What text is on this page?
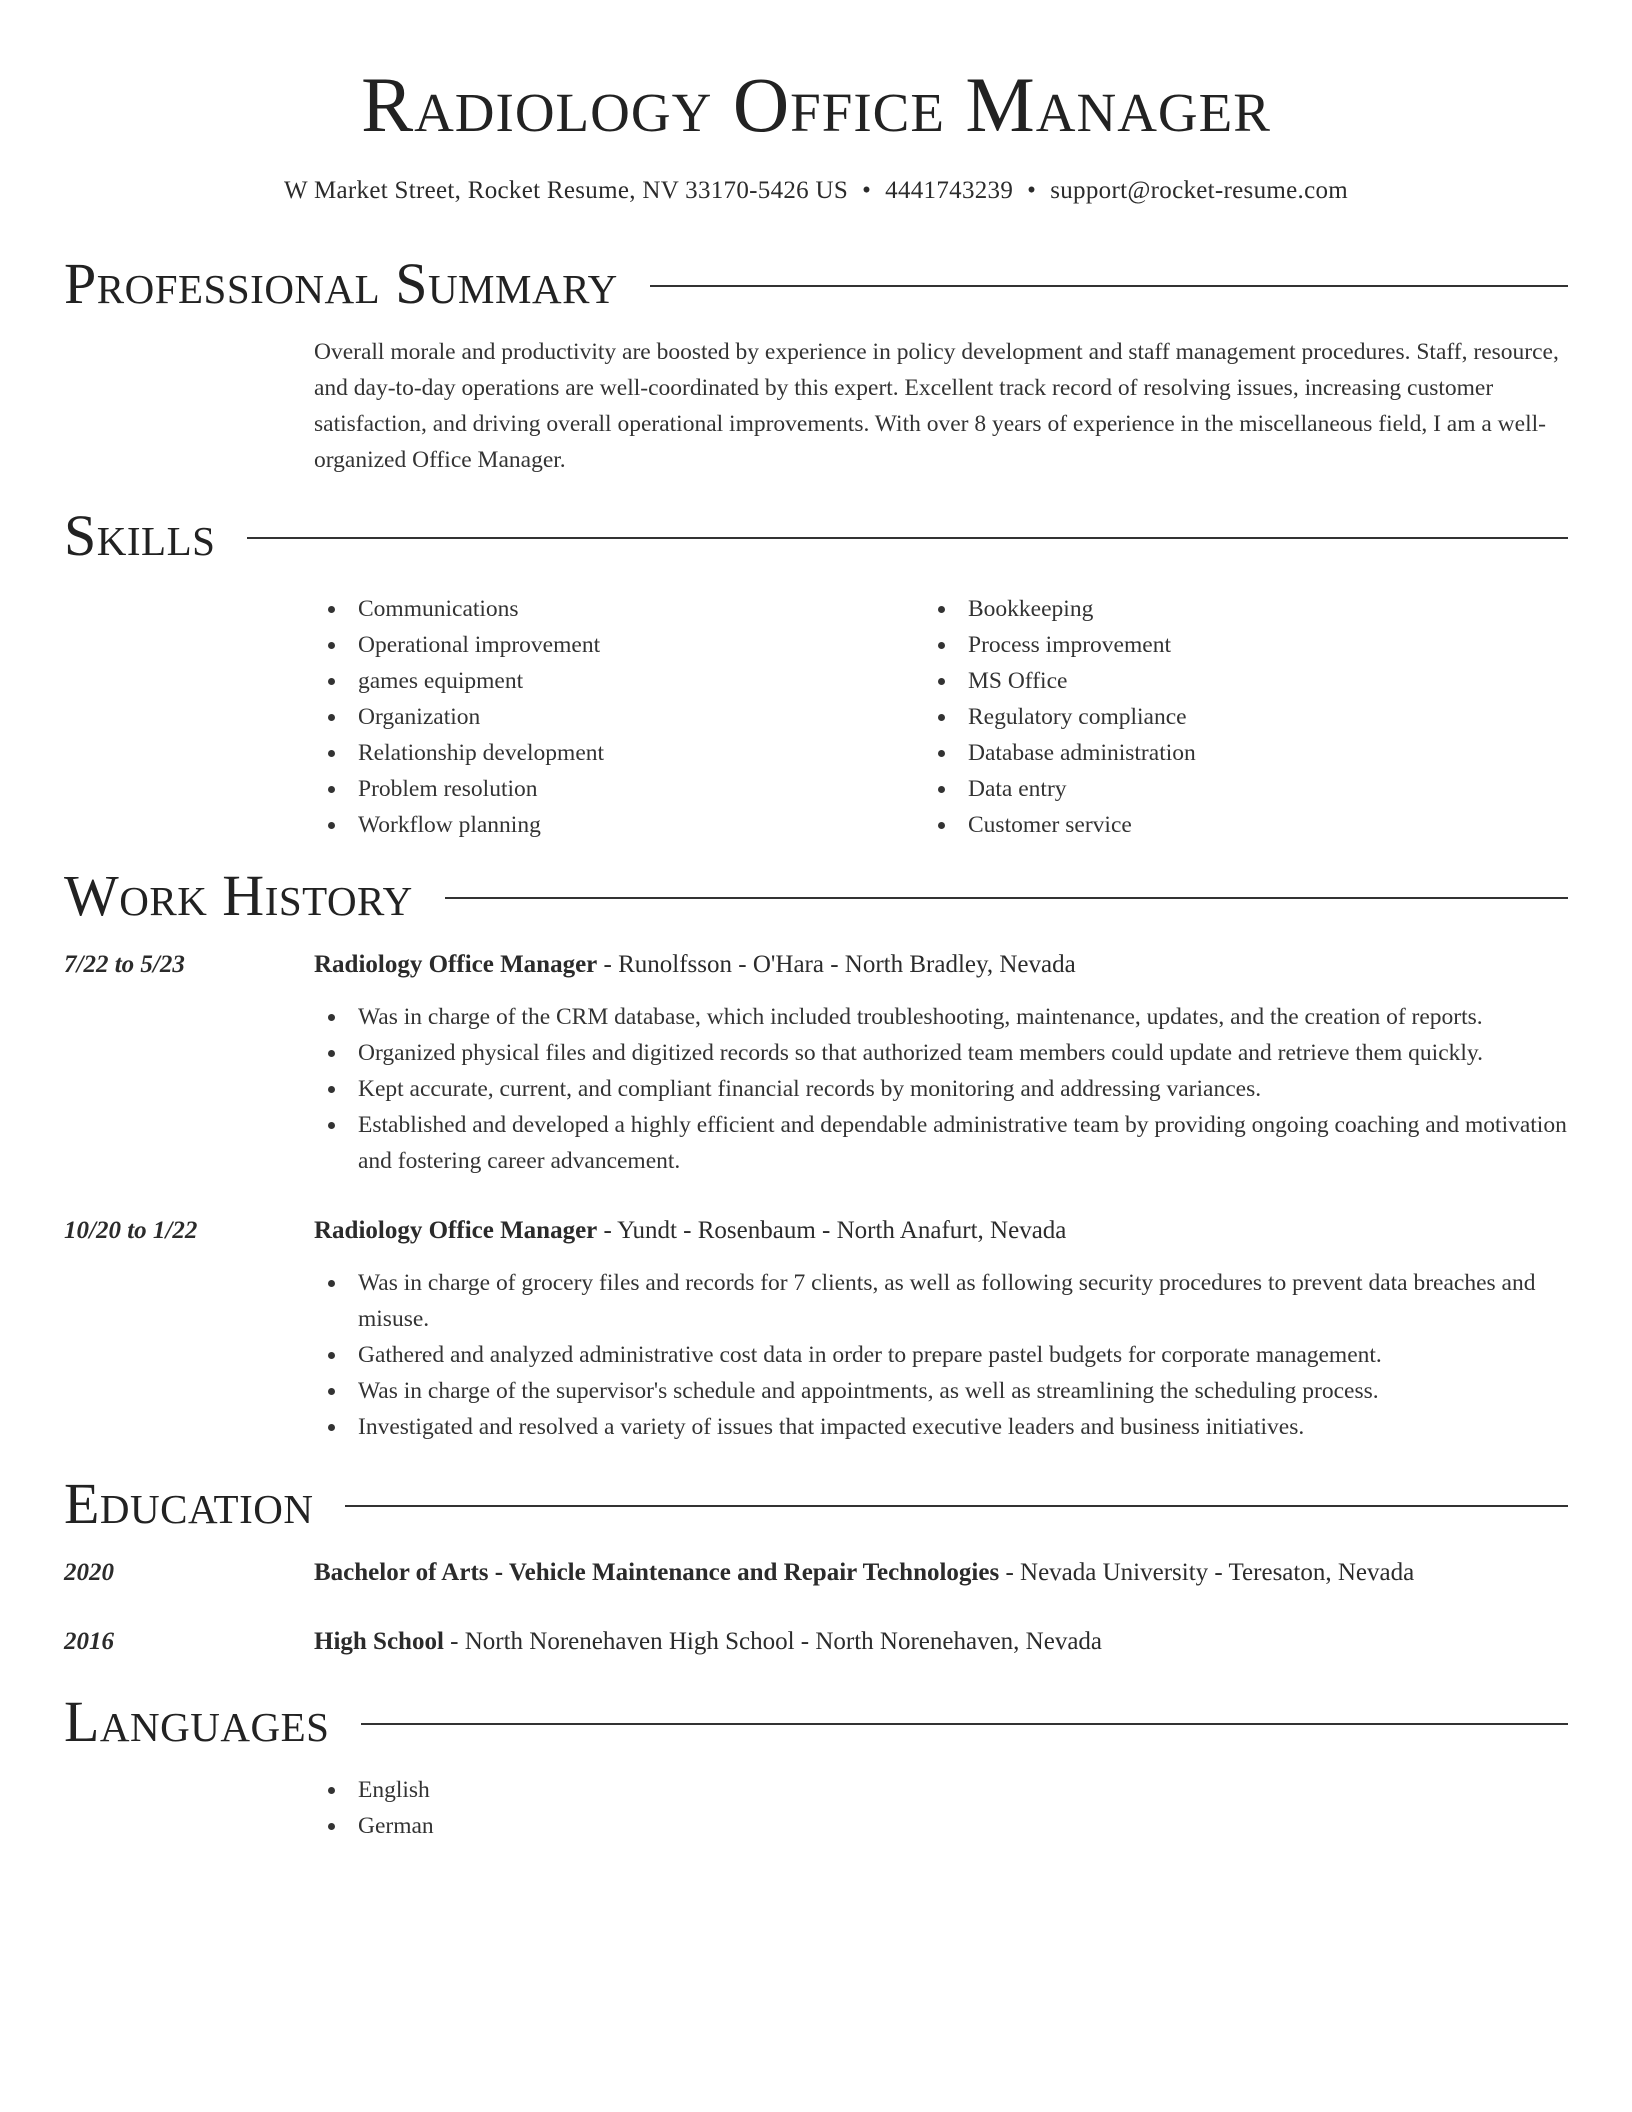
Radiology Office Manager
W Market Street, Rocket Resume, NV 33170-5426 US • 4441743239 • support@rocket-resume.com
Professional Summary
Overall morale and productivity are boosted by experience in policy development and staff management procedures. Staff, resource, and day-to-day operations are well-coordinated by this expert. Excellent track record of resolving issues, increasing customer satisfaction, and driving overall operational improvements. With over 8 years of experience in the miscellaneous field, I am a well-organized Office Manager.
Skills
Communications
Operational improvement
games equipment
Organization
Relationship development
Problem resolution
Workflow planning
Bookkeeping
Process improvement
MS Office
Regulatory compliance
Database administration
Data entry
Customer service
Work History
7/22 to 5/23	Radiology Office Manager - Runolfsson - O'Hara - North Bradley, Nevada
Was in charge of the CRM database, which included troubleshooting, maintenance, updates, and the creation of reports.
Organized physical files and digitized records so that authorized team members could update and retrieve them quickly.
Kept accurate, current, and compliant financial records by monitoring and addressing variances.
Established and developed a highly efficient and dependable administrative team by providing ongoing coaching and motivation and fostering career advancement.
10/20 to 1/22	Radiology Office Manager - Yundt - Rosenbaum - North Anafurt, Nevada
Was in charge of grocery files and records for 7 clients, as well as following security procedures to prevent data breaches and misuse.
Gathered and analyzed administrative cost data in order to prepare pastel budgets for corporate management.
Was in charge of the supervisor's schedule and appointments, as well as streamlining the scheduling process.
Investigated and resolved a variety of issues that impacted executive leaders and business initiatives.
Education
2020	Bachelor of Arts - Vehicle Maintenance and Repair Technologies - Nevada University - Teresaton, Nevada
2016	High School - North Norenehaven High School - North Norenehaven, Nevada
Languages
English
German
